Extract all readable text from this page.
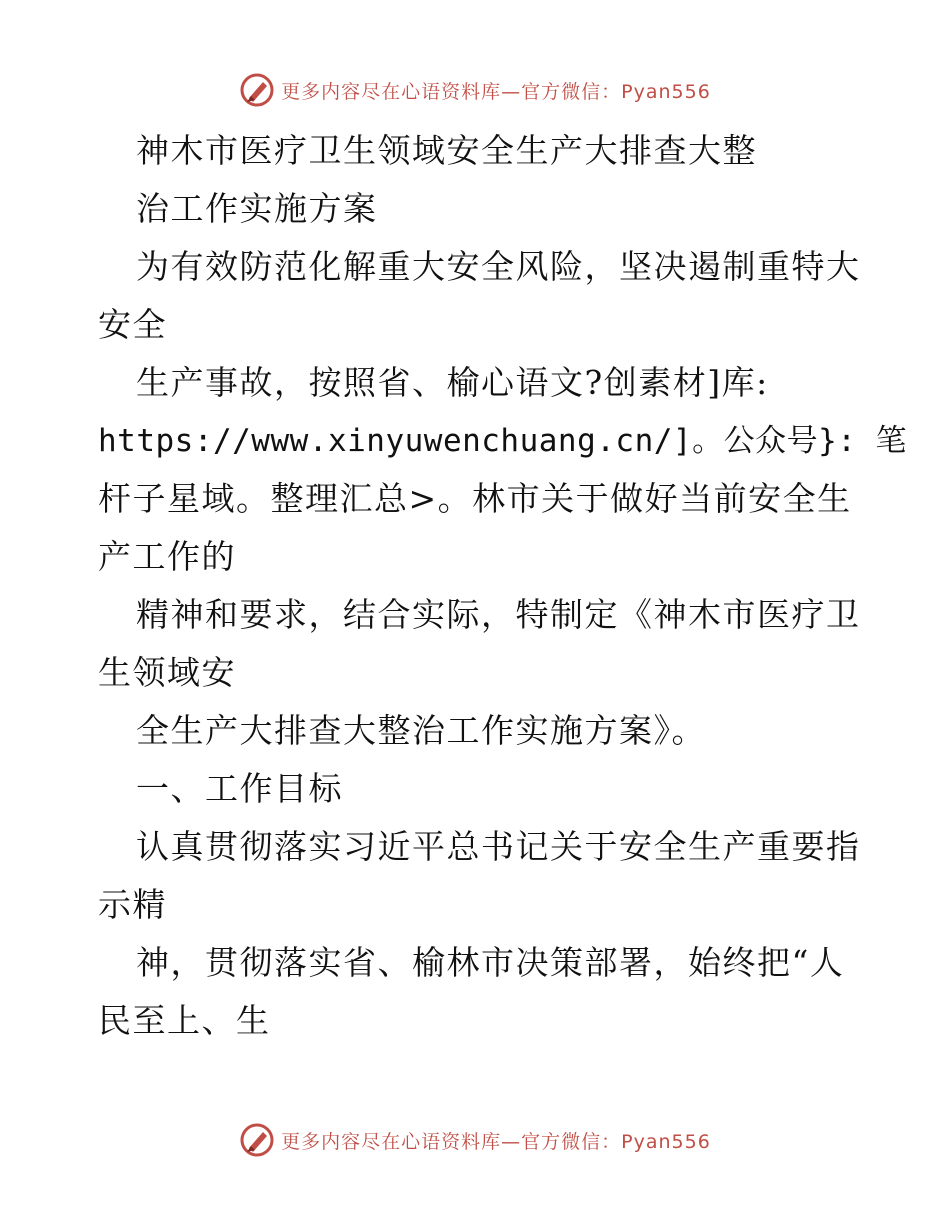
更多内容尽在心语资料库—官方微信：Pyan556
神木市医疗卫生领域安全生产大排查大整
治工作实施方案
为有效防范化解重大安全风险，坚决遏制重特大
安全
生产事故，按照省、榆心语文?创素材]库:
https://www.xinyuwenchuang.cn/]。公众号}: 笔
杆子星域。整理汇总>。林市关于做好当前安全生
产工作的
精神和要求，结合实际，特制定《神木市医疗卫
生领域安
全生产大排查大整治工作实施方案》。
一、工作目标
认真贯彻落实习近平总书记关于安全生产重要指
示精
神，贯彻落实省、榆林市决策部署，始终把“人
民至上、生
更多内容尽在心语资料库—官方微信：Pyan556
